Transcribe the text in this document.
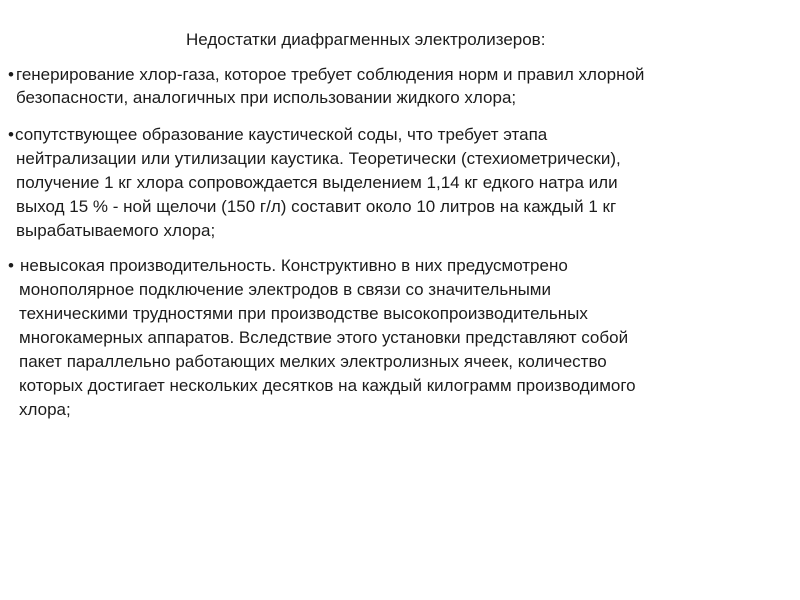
Недостатки диафрагменных электролизеров:
• генерирование хлор-газа, которое требует соблюдения норм и правил хлорной
безопасности, аналогичных при использовании жидкого хлора;
• сопутствующее образование каустической соды, что требует этапа
нейтрализации или утилизации каустика. Теоретически (стехиометрически),
получение 1 кг хлора сопровождается выделением 1,14 кг едкого натра или
выход 15 % - ной щелочи (150 г/л) составит около 10 литров на каждый 1 кг
вырабатываемого хлора;
• невысокая производительность. Конструктивно в них предусмотрено
монополярное подключение электродов в связи со значительными
техническими трудностями при производстве высокопроизводительных
многокамерных аппаратов. Вследствие этого установки представляют собой
пакет параллельно работающих мелких электролизных ячеек, количество
которых достигает нескольких десятков на каждый килограмм производимого
хлора;
